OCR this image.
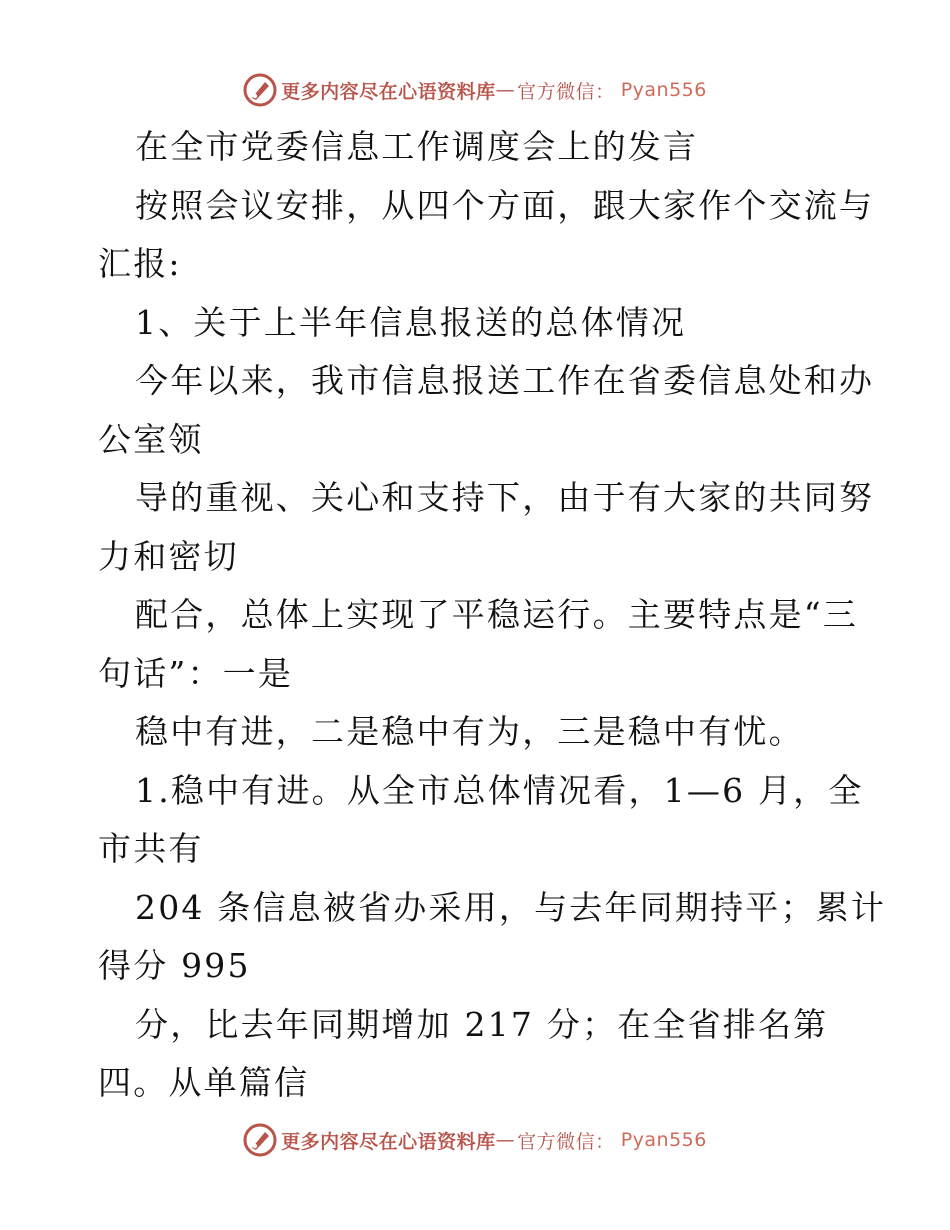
更多内容尽在心语资料库 — 官方微信： Pyan556

在全市党委信息工作调度会上的发言

按照会议安排，从四个方面，跟大家作个交流与
汇报:

1、关于上半年信息报送的总体情况

今年以来，我市信息报送工作在省委信息处和办
公室领

导的重视、关心和支持下，由于有大家的共同努
力和密切

配合，总体上实现了平稳运行。主要特点是“三
句话”：一是

稳中有进，二是稳中有为，三是稳中有忧。

1.稳中有进。从全市总体情况看，1—6 月，全
市共有

204 条信息被省办采用，与去年同期持平；累计
得分 995

分，比去年同期增加 217 分；在全省排名第
四。从单篇信

更多内容尽在心语资料库 — 官方微信： Pyan556
